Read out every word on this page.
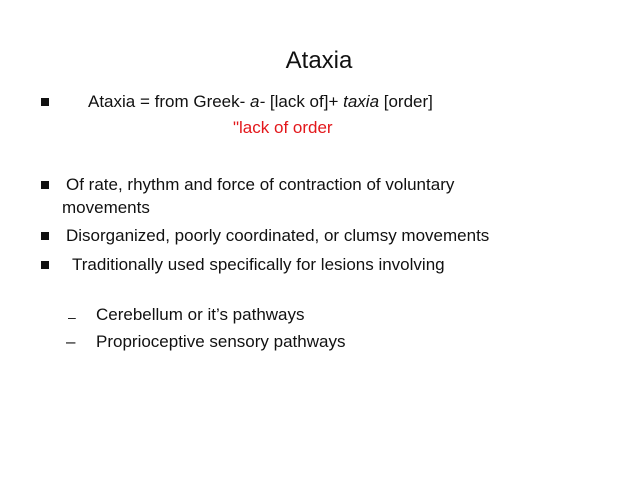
Ataxia
Ataxia = from Greek- a- [lack of]+ taxia [order]
"lack of order
Of rate, rhythm and force of contraction of voluntary
movements
Disorganized, poorly coordinated, or clumsy movements
Traditionally used specifically for lesions involving
– Cerebellum or it’s pathways
– Proprioceptive sensory pathways
